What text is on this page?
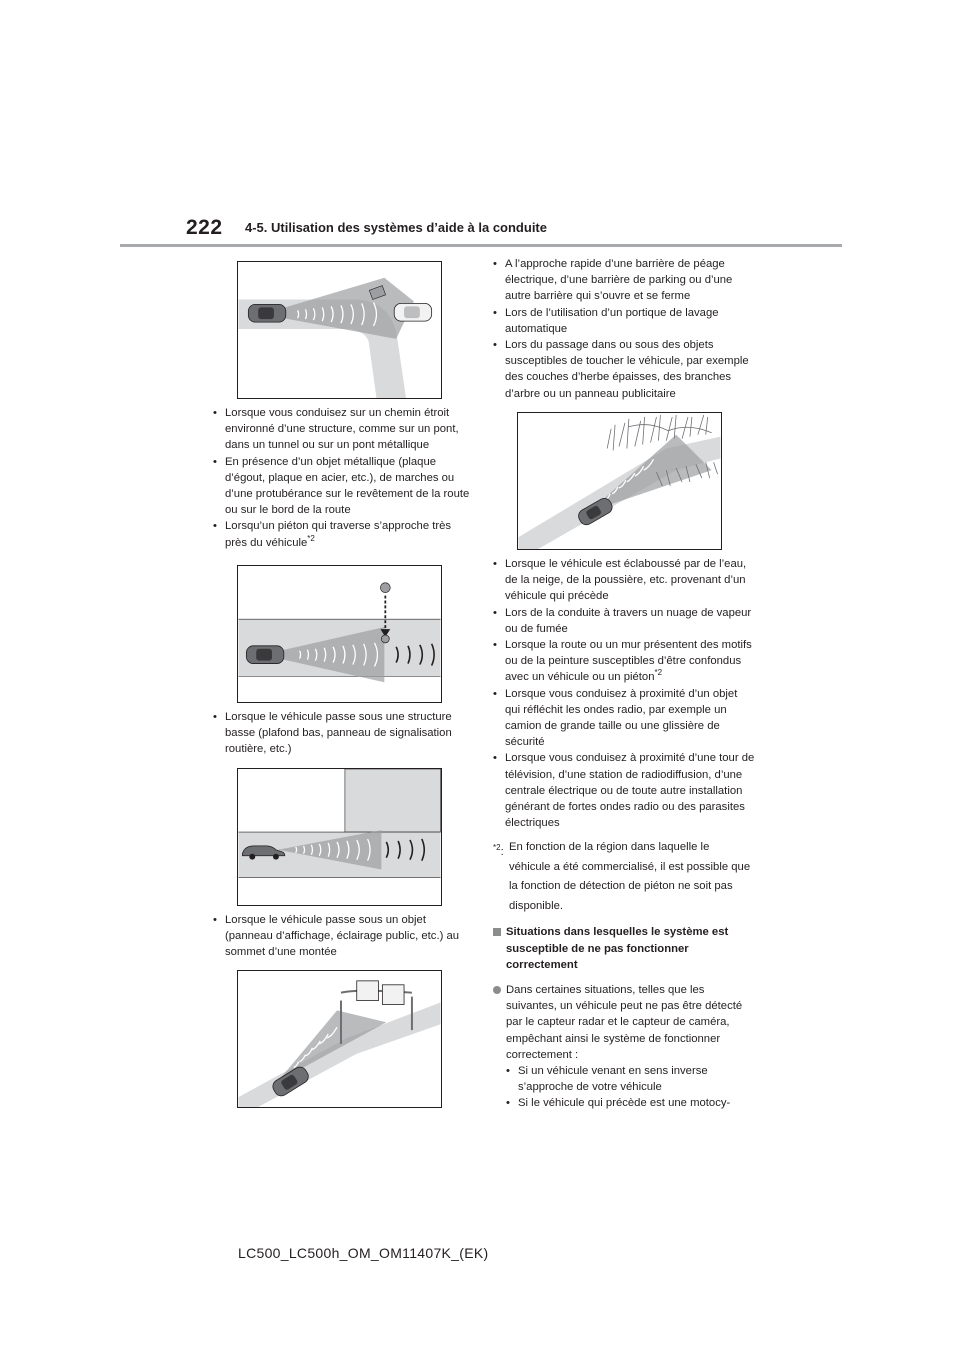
222 4-5. Utilisation des systèmes d’aide à la conduite
• Lorsque vous conduisez sur un chemin étroit environné d’une structure, comme sur un pont, dans un tunnel ou sur un pont métallique
• En présence d’un objet métallique (plaque d’égout, plaque en acier, etc.), de marches ou d’une protubérance sur le revêtement de la route ou sur le bord de la route
• Lorsqu’un piéton qui traverse s’approche très près du véhicule$^{*2}$
• Lorsque le véhicule passe sous une structure basse (plafond bas, panneau de signalisation routière, etc.)
• Lorsque le véhicule passe sous un objet (panneau d’affichage, éclairage public, etc.) au sommet d’une montée
• A l’approche rapide d’une barrière de péage électrique, d’une barrière de parking ou d’une autre barrière qui s’ouvre et se ferme
• Lors de l’utilisation d’un portique de lavage automatique
• Lors du passage dans ou sous des objets susceptibles de toucher le véhicule, par exemple des couches d’herbe épaisses, des branches d’arbre ou un panneau publicitaire
• Lorsque le véhicule est éclaboussé par de l’eau, de la neige, de la poussière, etc. provenant d’un véhicule qui précède
• Lors de la conduite à travers un nuage de vapeur ou de fumée
• Lorsque la route ou un mur présentent des motifs ou de la peinture susceptibles d’être confondus avec un véhicule ou un piéton$^{*2}$
• Lorsque vous conduisez à proximité d’un objet qui réfléchit les ondes radio, par exemple un camion de grande taille ou une glissière de sécurité
• Lorsque vous conduisez à proximité d’une tour de télévision, d’une station de radiodiffusion, d’une centrale électrique ou de toute autre installation générant de fortes ondes radio ou des parasites électriques
$^{*2}$: En fonction de la région dans laquelle le véhicule a été commercialisé, il est possible que la fonction de détection de piéton ne soit pas disponible.
Situations dans lesquelles le système est susceptible de ne pas fonctionner correctement
Dans certaines situations, telles que les suivantes, un véhicule peut ne pas être détecté par le capteur radar et le capteur de caméra, empêchant ainsi le système de fonctionner correctement :
• Si un véhicule venant en sens inverse s’approche de votre véhicule
• Si le véhicule qui précède est une motocy-
LC500_LC500h_OM_OM11407K_(EK)
